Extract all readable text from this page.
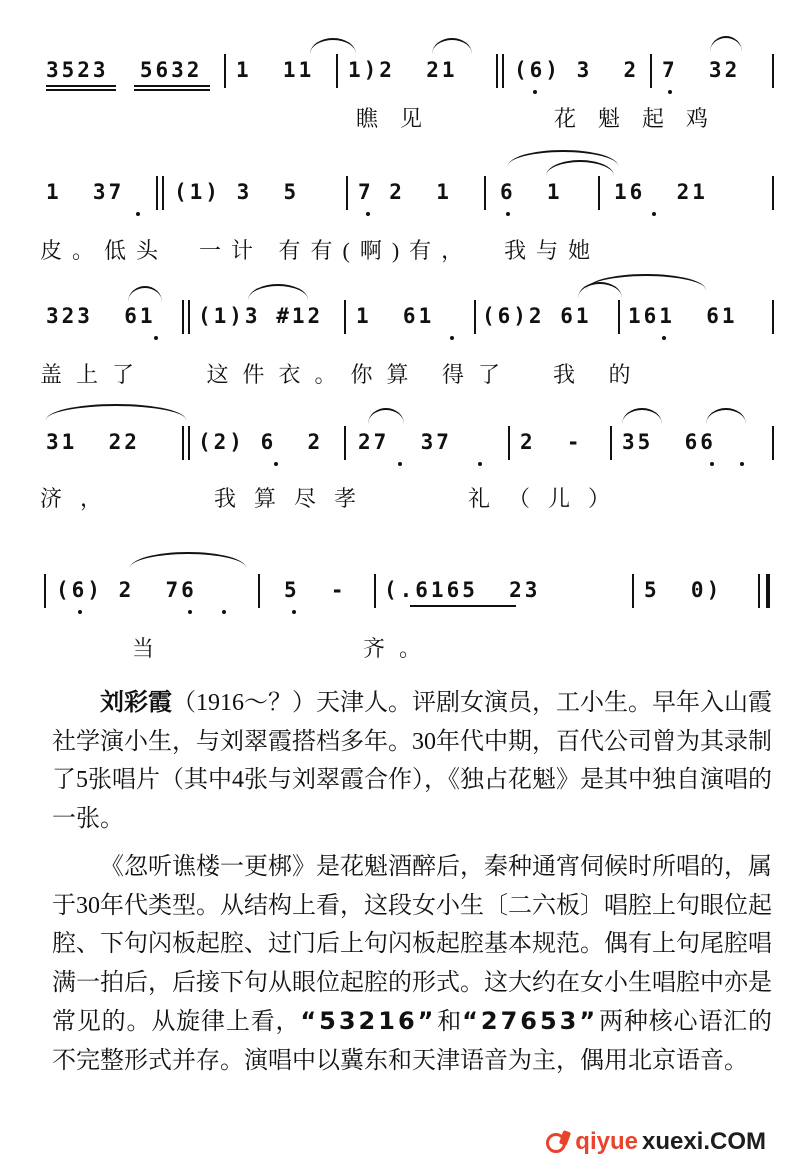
3523  5632 1  11 1)2  21	(6) 3  2 7  32
瞧见    花魁起鸡
1  37 (1) 3  5	7 2  1 6  1 16  21
皮。低头  一计 有有(啊)有，  我与她
323  61 (1)3 #12 1  61 (6)2 61 161  61
盖上了   这件衣。你算 得了  我 的
31  22	(2) 6  2 27  37	2  - 35  66
济，    我算尽孝    礼（儿）
(6) 2  76	5  - (.6165  23	5  0)
当          齐。

刘彩霞（1916～？）天津人。评剧女演员，工小生。早年入山霞社学演小生，与刘翠霞搭档多年。30年代中期，百代公司曾为其录制了5张唱片（其中4张与刘翠霞合作），《独占花魁》是其中独自演唱的一张。

《忽听谯楼一更梆》是花魁酒醉后，秦种通宵伺候时所唱的，属于30年代类型。从结构上看，这段女小生〔二六板〕唱腔上句眼位起腔、下句闪板起腔、过门后上句闪板起腔基本规范。偶有上句尾腔唱满一拍后，后接下句从眼位起腔的形式。这大约在女小生唱腔中亦是常见的。从旋律上看，“53216”和“27653”两种核心语汇的不完整形式并存。演唱中以冀东和天津语音为主，偶用北京语音。

qiyue xuexi.COM
